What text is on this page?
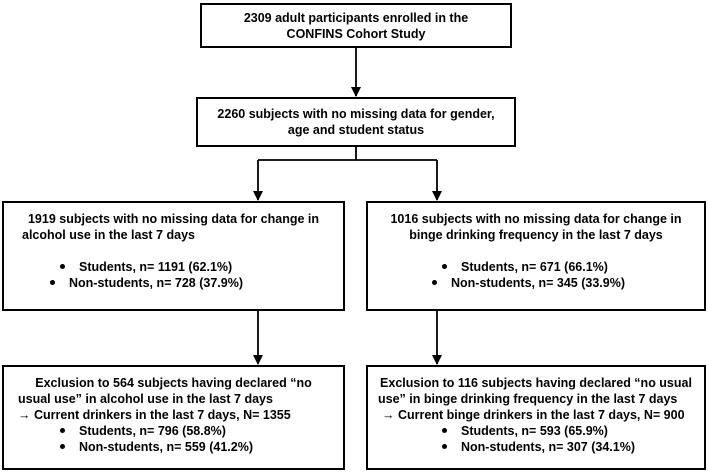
2309 adult participants enrolled in the
CONFINS Cohort Study
2260 subjects with no missing data for gender,
age and student status
1919 subjects with no missing data for change in
alcohol use in the last 7 days
Students, n= 1191 (62.1%)
Non-students, n= 728 (37.9%)
1016 subjects with no missing data for change in
binge drinking frequency in the last 7 days
Students, n= 671 (66.1%)
Non-students, n= 345 (33.9%)
Exclusion to 564 subjects having declared “no
usual use” in alcohol use in the last 7 days
→ Current drinkers in the last 7 days, N= 1355
Students, n= 796 (58.8%)
Non-students, n= 559 (41.2%)
Exclusion to 116 subjects having declared “no usual
use” in binge drinking frequency in the last 7 days
→ Current binge drinkers in the last 7 days, N= 900
Students, n= 593 (65.9%)
Non-students, n= 307 (34.1%)
